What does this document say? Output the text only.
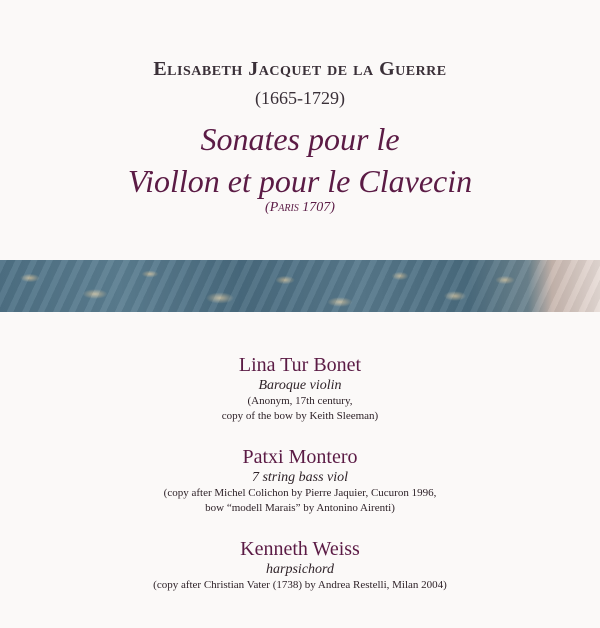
Elisabeth Jacquet de la Guerre
(1665-1729)
Sonates pour le
Viollon et pour le Clavecin
(Paris 1707)
Lina Tur Bonet
Baroque violin
(Anonym, 17th century,
copy of the bow by Keith Sleeman)
Patxi Montero
7 string bass viol
(copy after Michel Colichon by Pierre Jaquier, Cucuron 1996,
bow “modell Marais” by Antonino Airenti)
Kenneth Weiss
harpsichord
(copy after Christian Vater (1738) by Andrea Restelli, Milan 2004)
